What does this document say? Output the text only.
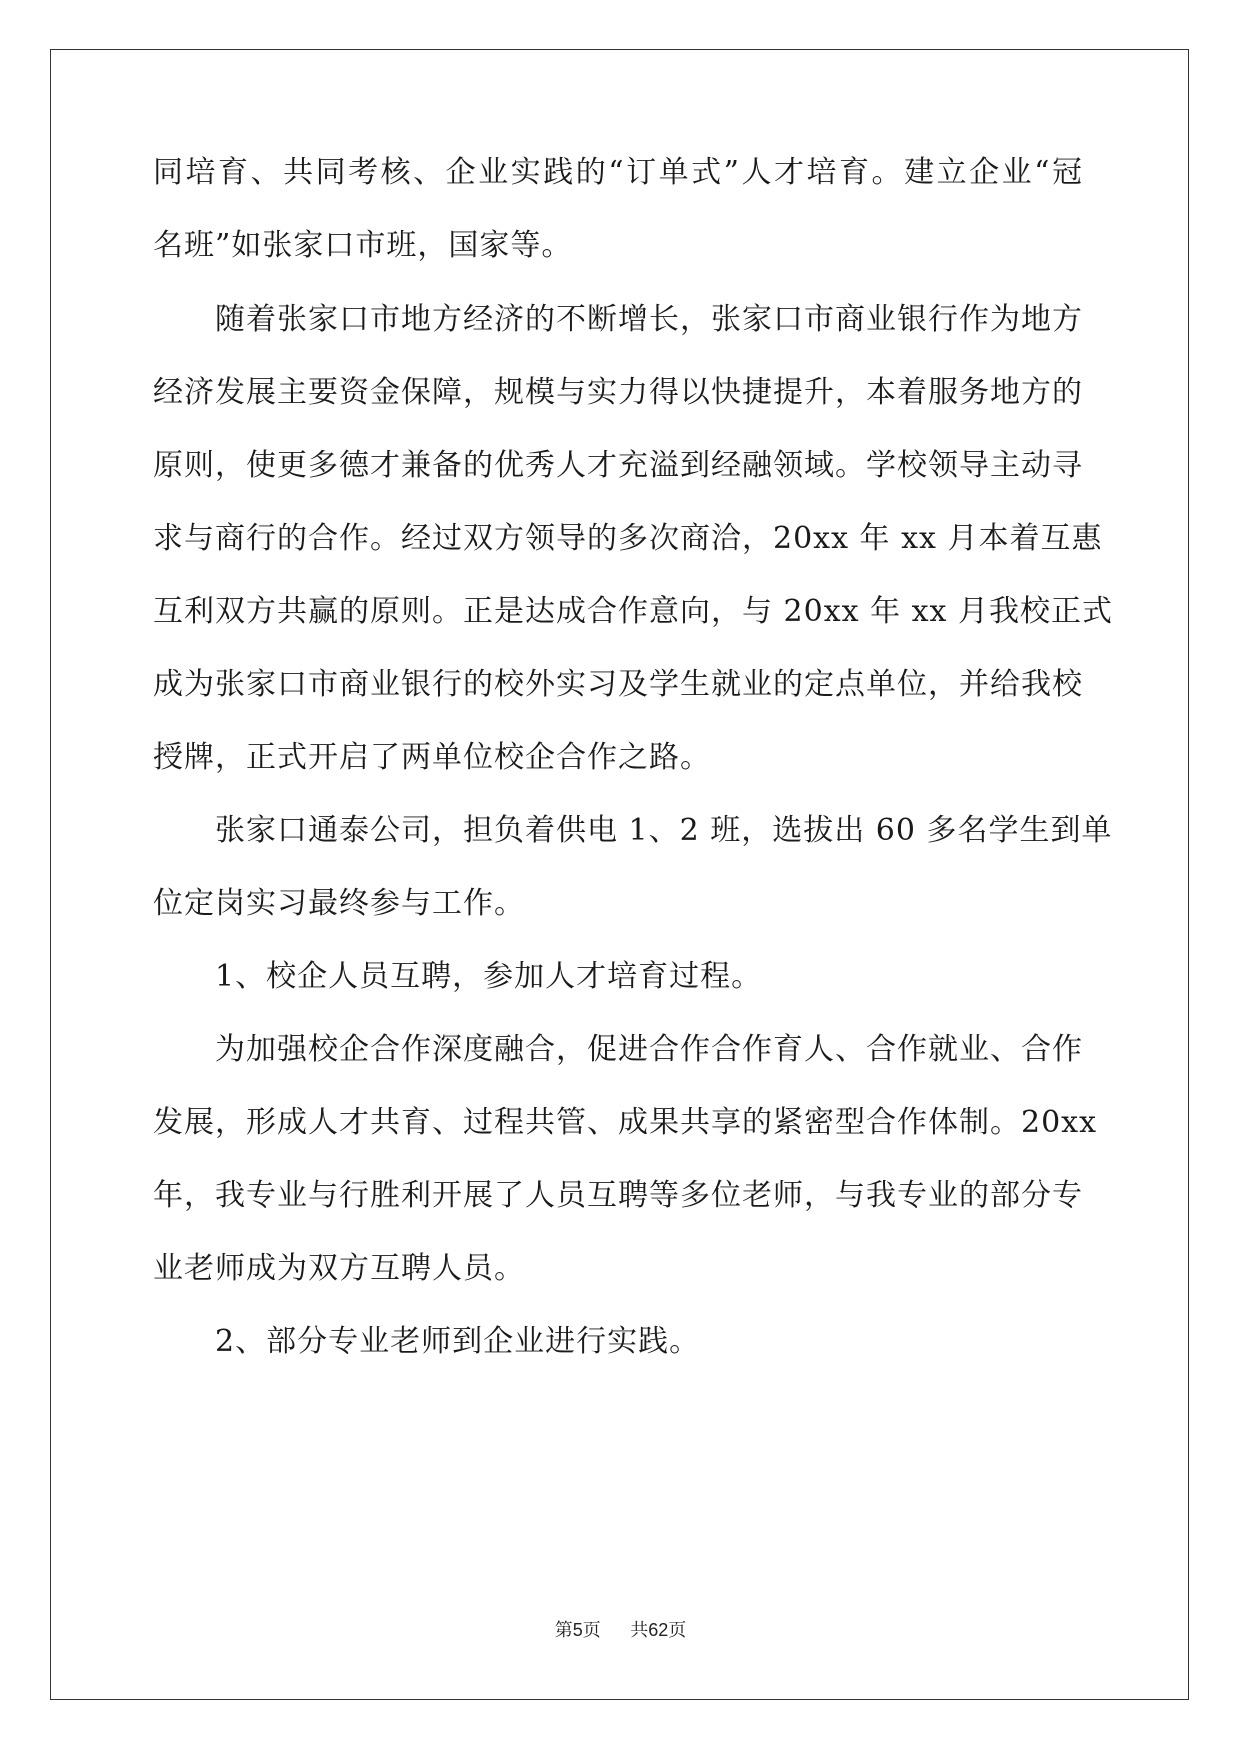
同培育、共同考核、企业实践的“订单式”人才培育。建立企业“冠
名班”如张家口市班，国家等。
　　随着张家口市地方经济的不断增长，张家口市商业银行作为地方
经济发展主要资金保障，规模与实力得以快捷提升，本着服务地方的
原则，使更多德才兼备的优秀人才充溢到经融领域。学校领导主动寻
求与商行的合作。经过双方领导的多次商洽，20xx 年 xx 月本着互惠
互利双方共赢的原则。正是达成合作意向，与 20xx 年 xx 月我校正式
成为张家口市商业银行的校外实习及学生就业的定点单位，并给我校
授牌，正式开启了两单位校企合作之路。
　　张家口通泰公司，担负着供电 1、2 班，选拔出 60 多名学生到单
位定岗实习最终参与工作。
　　1、校企人员互聘，参加人才培育过程。
　　为加强校企合作深度融合，促进合作合作育人、合作就业、合作
发展，形成人才共育、过程共管、成果共享的紧密型合作体制。20xx
年，我专业与行胜利开展了人员互聘等多位老师，与我专业的部分专
业老师成为双方互聘人员。
　　2、部分专业老师到企业进行实践。
第5页 共62页
